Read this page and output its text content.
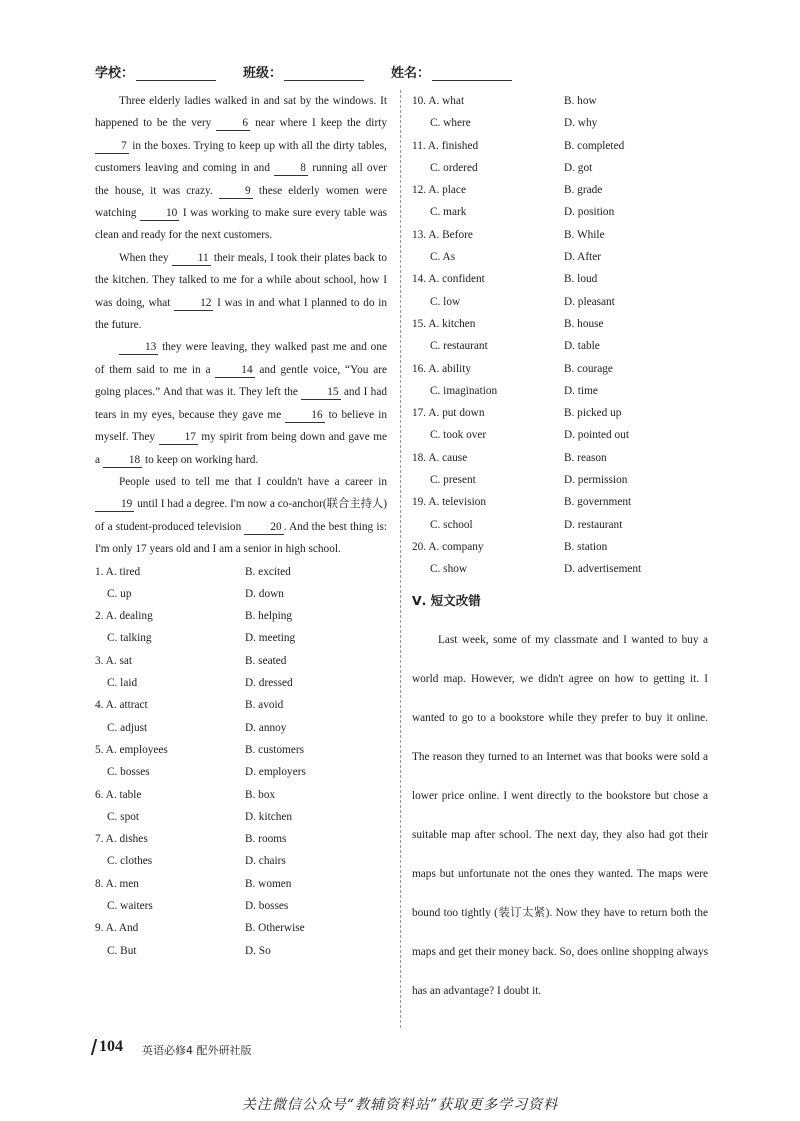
学校：	班级：	姓名：

Three elderly ladies walked in and sat by the windows. It happened to be the very 6 near where I keep the dirty 7 in the boxes. Trying to keep up with all the dirty tables, customers leaving and coming in and 8 running all over the house, it was crazy. 9 these elderly women were watching 10 I was working to make sure every table was clean and ready for the next customers.

When they 11 their meals, I took their plates back to the kitchen. They talked to me for a while about school, how I was doing, what 12 I was in and what I planned to do in the future.

13 they were leaving, they walked past me and one of them said to me in a 14 and gentle voice, “You are going places.” And that was it. They left the 15 and I had tears in my eyes, because they gave me 16 to believe in myself. They 17 my spirit from being down and gave me a 18 to keep on working hard.

People used to tell me that I couldn't have a career in 19 until I had a degree. I'm now a co-anchor(联合主持人) of a student-produced television 20 . And the best thing is: I'm only 17 years old and I am a senior in high school.

1. A. tired	B. excited
C. up	D. down
2. A. dealing	B. helping
C. talking	D. meeting
3. A. sat	B. seated
C. laid	D. dressed
4. A. attract	B. avoid
C. adjust	D. annoy
5. A. employees	B. customers
C. bosses	D. employers
6. A. table	B. box
C. spot	D. kitchen
7. A. dishes	B. rooms
C. clothes	D. chairs
8. A. men	B. women
C. waiters	D. bosses
9. A. And	B. Otherwise
C. But	D. So
10. A. what	B. how
C. where	D. why
11. A. finished	B. completed
C. ordered	D. got
12. A. place	B. grade
C. mark	D. position
13. A. Before	B. While
C. As	D. After
14. A. confident	B. loud
C. low	D. pleasant
15. A. kitchen	B. house
C. restaurant	D. table
16. A. ability	B. courage
C. imagination	D. time
17. A. put down	B. picked up
C. took over	D. pointed out
18. A. cause	B. reason
C. present	D. permission
19. A. television	B. government
C. school	D. restaurant
20. A. company	B. station
C. show	D. advertisement
Ⅴ. 短文改错

Last week, some of my classmate and I wanted to buy a world map. However, we didn't agree on how to getting it. I wanted to go to a bookstore while they prefer to buy it online. The reason they turned to an Internet was that books were sold a lower price online. I went directly to the bookstore but chose a suitable map after school. The next day, they also had got their maps but unfortunate not the ones they wanted. The maps were bound too tightly (装订太紧). Now they have to return both the maps and get their money back. So, does online shopping always has an advantage? I doubt it.

104 英语必修4 配外研社版
关注微信公众号“教辅资料站”获取更多学习资料
